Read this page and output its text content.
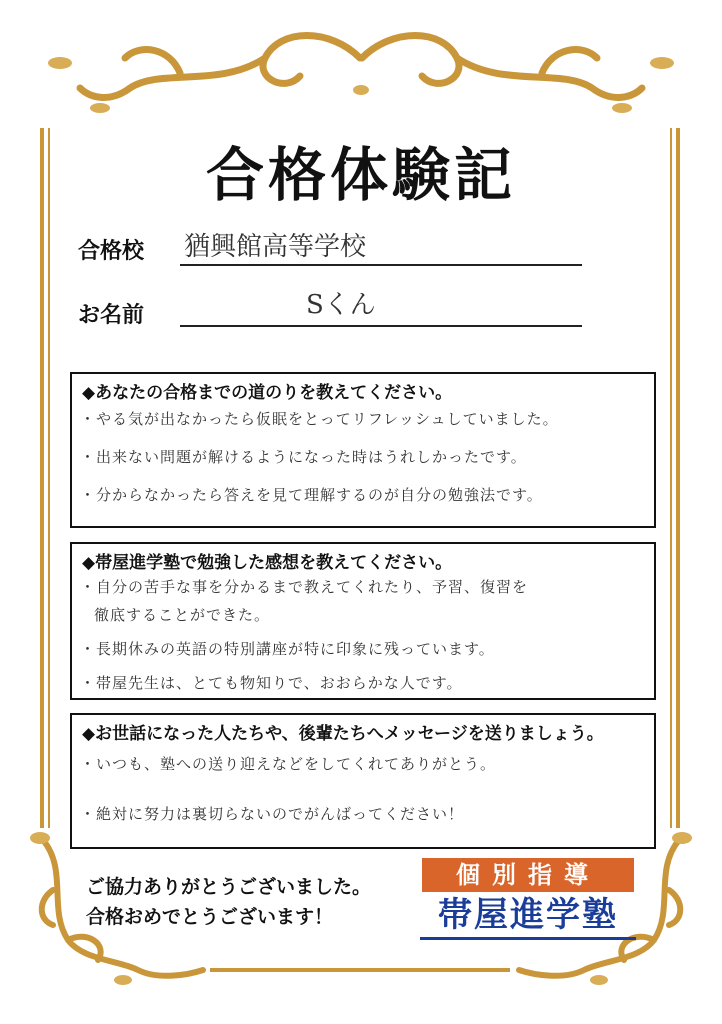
合格体験記
合格校 猶興館高等学校
お名前	Sくん
◆あなたの合格までの道のりを教えてください。
・やる気が出なかったら仮眠をとってリフレッシュしていました。
・出来ない問題が解けるようになった時はうれしかったです。
・分からなかったら答えを見て理解するのが自分の勉強法です。
◆帯屋進学塾で勉強した感想を教えてください。
・自分の苦手な事を分かるまで教えてくれたり、予習、復習を
徹底することができた。
・長期休みの英語の特別講座が特に印象に残っています。
・帯屋先生は、とても物知りで、おおらかな人です。
◆お世話になった人たちや、後輩たちへメッセージを送りましょう。
・いつも、塾への送り迎えなどをしてくれてありがとう。
・絶対に努力は裏切らないのでがんばってください！
ご協力ありがとうございました。
合格おめでとうございます！
個別指導
帯屋進学塾
